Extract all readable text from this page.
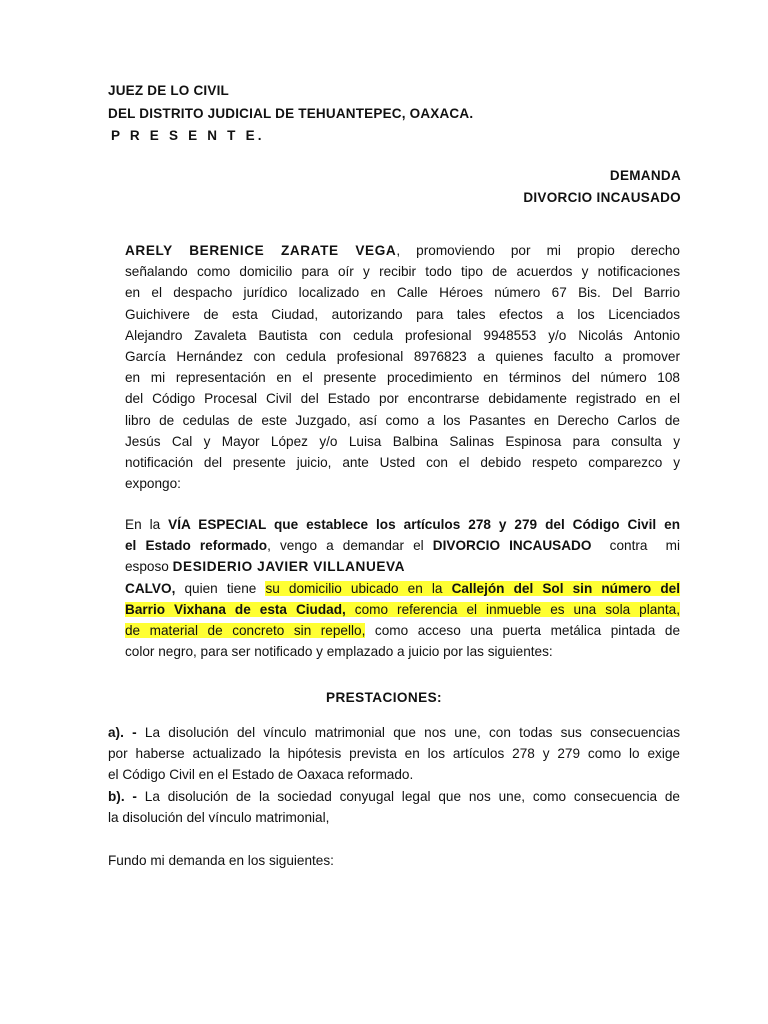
JUEZ DE LO CIVIL
DEL DISTRITO JUDICIAL DE TEHUANTEPEC, OAXACA.
P R E S E N T E.
DEMANDA
DIVORCIO INCAUSADO
ARELY BERENICE ZARATE VEGA, promoviendo por mi propio derecho
señalando como domicilio para oír y recibir todo tipo de acuerdos y notificaciones
en el despacho jurídico localizado en Calle Héroes número 67 Bis. Del Barrio
Guichivere de esta Ciudad, autorizando para tales efectos a los Licenciados
Alejandro Zavaleta Bautista con cedula profesional 9948553 y/o Nicolás Antonio
García Hernández con cedula profesional 8976823 a quienes faculto a promover
en mi representación en el presente procedimiento en términos del número 108
del Código Procesal Civil del Estado por encontrarse debidamente registrado en el
libro de cedulas de este Juzgado, así como a los Pasantes en Derecho Carlos de
Jesús Cal y Mayor López y/o Luisa Balbina Salinas Espinosa para consulta y
notificación del presente juicio, ante Usted con el debido respeto comparezco y
expongo:
En la VÍA ESPECIAL que establece los artículos 278 y 279 del Código Civil en
el Estado reformado, vengo a demandar el DIVORCIO INCAUSADO  contra  mi
esposo DESIDERIO JAVIER VILLANUEVA
CALVO, quien tiene su domicilio ubicado en la Callejón del Sol sin número del
Barrio Vixhana de esta Ciudad, como referencia el inmueble es una sola planta,
de material de concreto sin repello, como acceso una puerta metálica pintada de
color negro, para ser notificado y emplazado a juicio por las siguientes:
PRESTACIONES:
a). - La disolución del vínculo matrimonial que nos une, con todas sus consecuencias
por haberse actualizado la hipótesis prevista en los artículos 278 y 279 como lo exige
el Código Civil en el Estado de Oaxaca reformado.
b). - La disolución de la sociedad conyugal legal que nos une, como consecuencia de
la disolución del vínculo matrimonial,
Fundo mi demanda en los siguientes:
